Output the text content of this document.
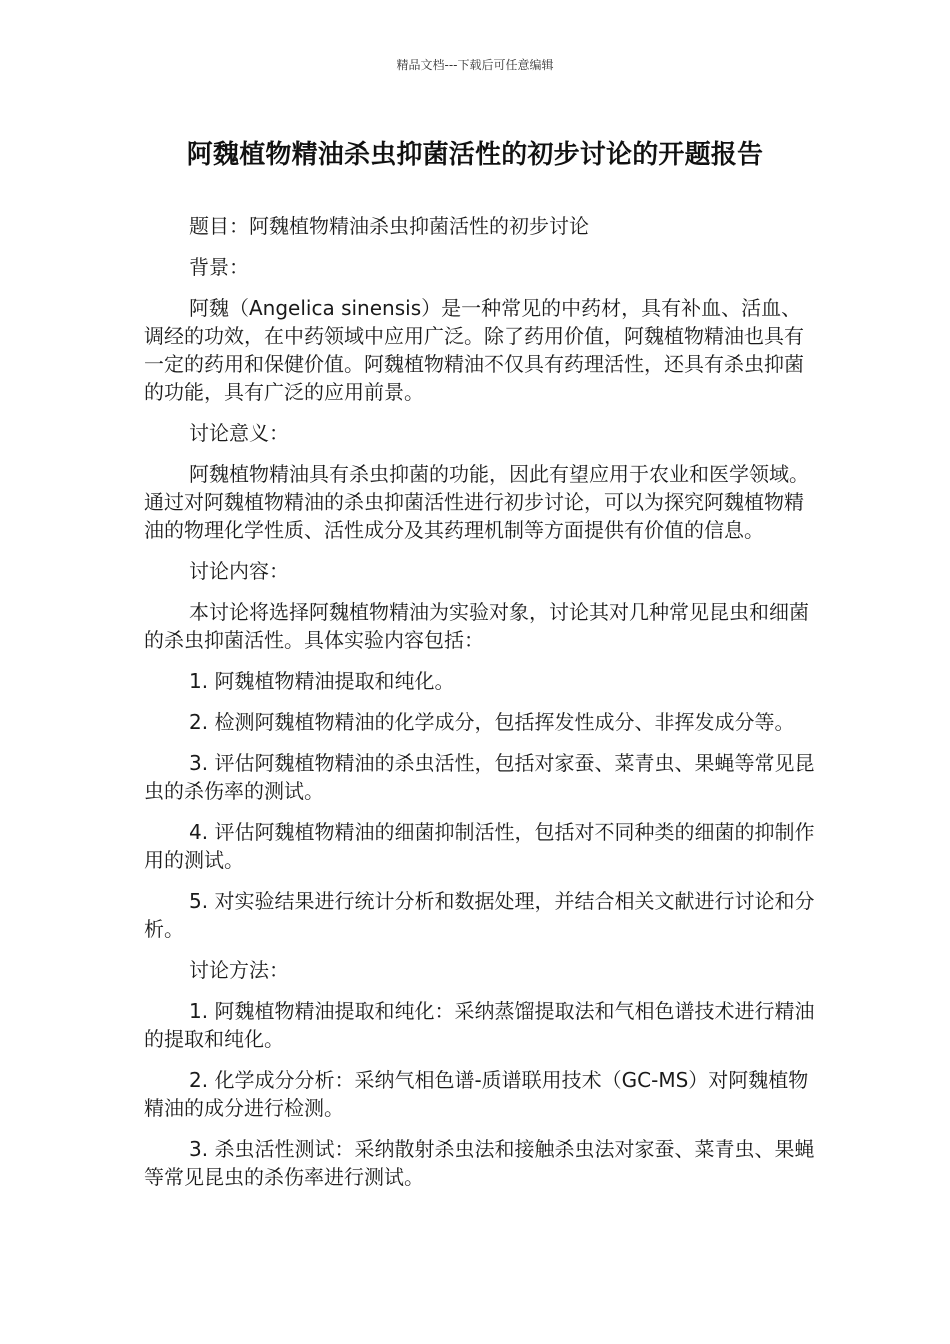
精品文档---下载后可任意编辑
阿魏植物精油杀虫抑菌活性的初步讨论的开题报告

题目：阿魏植物精油杀虫抑菌活性的初步讨论

背景：

阿魏（Angelica sinensis）是一种常见的中药材，具有补血、活血、调经的功效，在中药领域中应用广泛。除了药用价值，阿魏植物精油也具有一定的药用和保健价值。阿魏植物精油不仅具有药理活性，还具有杀虫抑菌的功能，具有广泛的应用前景。

讨论意义：

阿魏植物精油具有杀虫抑菌的功能，因此有望应用于农业和医学领域。通过对阿魏植物精油的杀虫抑菌活性进行初步讨论，可以为探究阿魏植物精油的物理化学性质、活性成分及其药理机制等方面提供有价值的信息。

讨论内容：

本讨论将选择阿魏植物精油为实验对象，讨论其对几种常见昆虫和细菌的杀虫抑菌活性。具体实验内容包括：

1. 阿魏植物精油提取和纯化。

2. 检测阿魏植物精油的化学成分，包括挥发性成分、非挥发成分等。

3. 评估阿魏植物精油的杀虫活性，包括对家蚕、菜青虫、果蝇等常见昆虫的杀伤率的测试。

4. 评估阿魏植物精油的细菌抑制活性，包括对不同种类的细菌的抑制作用的测试。

5. 对实验结果进行统计分析和数据处理，并结合相关文献进行讨论和分析。

讨论方法：

1. 阿魏植物精油提取和纯化：采纳蒸馏提取法和气相色谱技术进行精油的提取和纯化。

2. 化学成分分析：采纳气相色谱-质谱联用技术（GC-MS）对阿魏植物精油的成分进行检测。

3. 杀虫活性测试：采纳散射杀虫法和接触杀虫法对家蚕、菜青虫、果蝇等常见昆虫的杀伤率进行测试。
